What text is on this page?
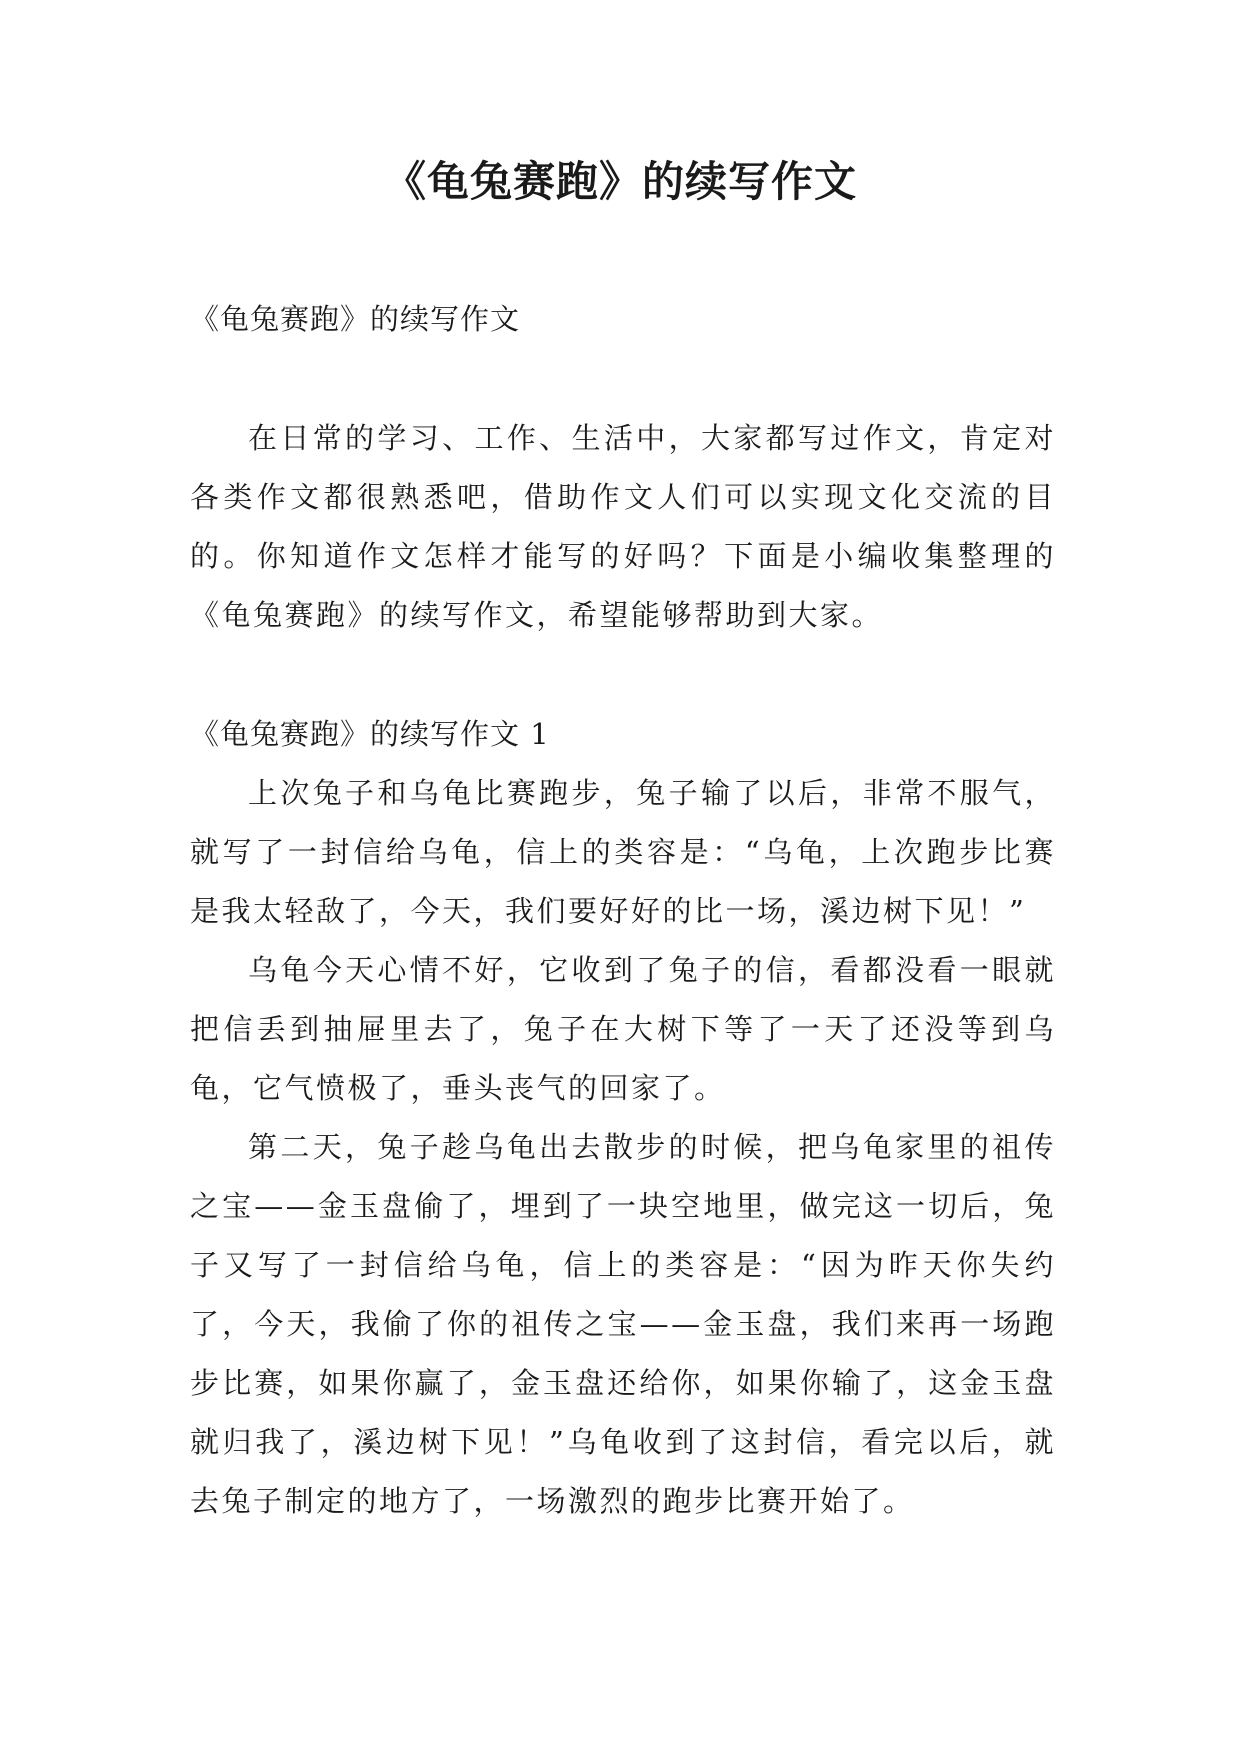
《龟兔赛跑》的续写作文

《龟兔赛跑》的续写作文

在日常的学习、工作、生活中，大家都写过作文，肯定对各类作文都很熟悉吧，借助作文人们可以实现文化交流的目的。你知道作文怎样才能写的好吗？下面是小编收集整理的《龟兔赛跑》的续写作文，希望能够帮助到大家。

《龟兔赛跑》的续写作文 1

上次兔子和乌龟比赛跑步，兔子输了以后，非常不服气，就写了一封信给乌龟，信上的类容是：“乌龟，上次跑步比赛是我太轻敌了，今天，我们要好好的比一场，溪边树下见！”

乌龟今天心情不好，它收到了兔子的信，看都没看一眼就把信丢到抽屉里去了，兔子在大树下等了一天了还没等到乌龟，它气愤极了，垂头丧气的回家了。

第二天，兔子趁乌龟出去散步的时候，把乌龟家里的祖传之宝——金玉盘偷了，埋到了一块空地里，做完这一切后，兔子又写了一封信给乌龟，信上的类容是：“因为昨天你失约了，今天，我偷了你的祖传之宝——金玉盘，我们来再一场跑步比赛，如果你赢了，金玉盘还给你，如果你输了，这金玉盘就归我了，溪边树下见！”乌龟收到了这封信，看完以后，就去兔子制定的地方了，一场激烈的跑步比赛开始了。
